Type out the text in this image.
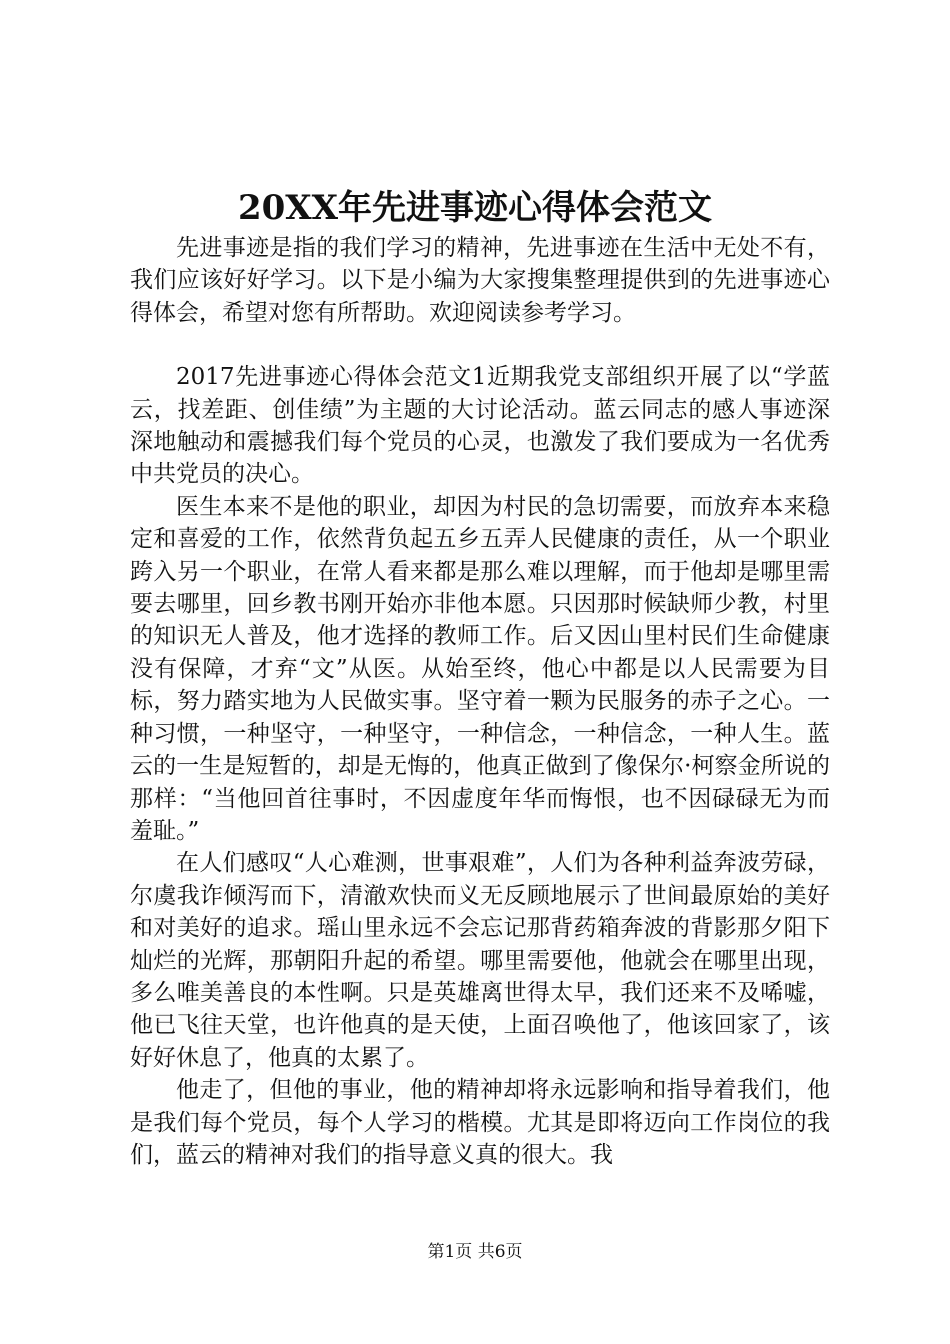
20XX年先进事迹心得体会范文

先进事迹是指的我们学习的精神，先进事迹在生活中无处不有，我们应该好好学习。以下是小编为大家搜集整理提供到的先进事迹心得体会，希望对您有所帮助。欢迎阅读参考学习。

2017先进事迹心得体会范文1近期我党支部组织开展了以“学蓝云，找差距、创佳绩”为主题的大讨论活动。蓝云同志的感人事迹深深地触动和震撼我们每个党员的心灵，也激发了我们要成为一名优秀中共党员的决心。

医生本来不是他的职业，却因为村民的急切需要，而放弃本来稳定和喜爱的工作，依然背负起五乡五弄人民健康的责任，从一个职业跨入另一个职业，在常人看来都是那么难以理解，而于他却是哪里需要去哪里，回乡教书刚开始亦非他本愿。只因那时候缺师少教，村里的知识无人普及，他才选择的教师工作。后又因山里村民们生命健康没有保障，才弃“文”从医。从始至终，他心中都是以人民需要为目标，努力踏实地为人民做实事。坚守着一颗为民服务的赤子之心。一种习惯，一种坚守，一种坚守，一种信念，一种信念，一种人生。蓝云的一生是短暂的，却是无悔的，他真正做到了像保尔·柯察金所说的那样：“当他回首往事时，不因虚度年华而悔恨，也不因碌碌无为而羞耻。”

在人们感叹“人心难测，世事艰难”，人们为各种利益奔波劳碌，尔虞我诈倾泻而下，清澈欢快而义无反顾地展示了世间最原始的美好和对美好的追求。瑶山里永远不会忘记那背药箱奔波的背影那夕阳下灿烂的光辉，那朝阳升起的希望。哪里需要他，他就会在哪里出现，多么唯美善良的本性啊。只是英雄离世得太早，我们还来不及唏嘘，他已飞往天堂，也许他真的是天使，上面召唤他了，他该回家了，该好好休息了，他真的太累了。

他走了，但他的事业，他的精神却将永远影响和指导着我们，他是我们每个党员，每个人学习的楷模。尤其是即将迈向工作岗位的我们，蓝云的精神对我们的指导意义真的很大。我

第1页 共6页
